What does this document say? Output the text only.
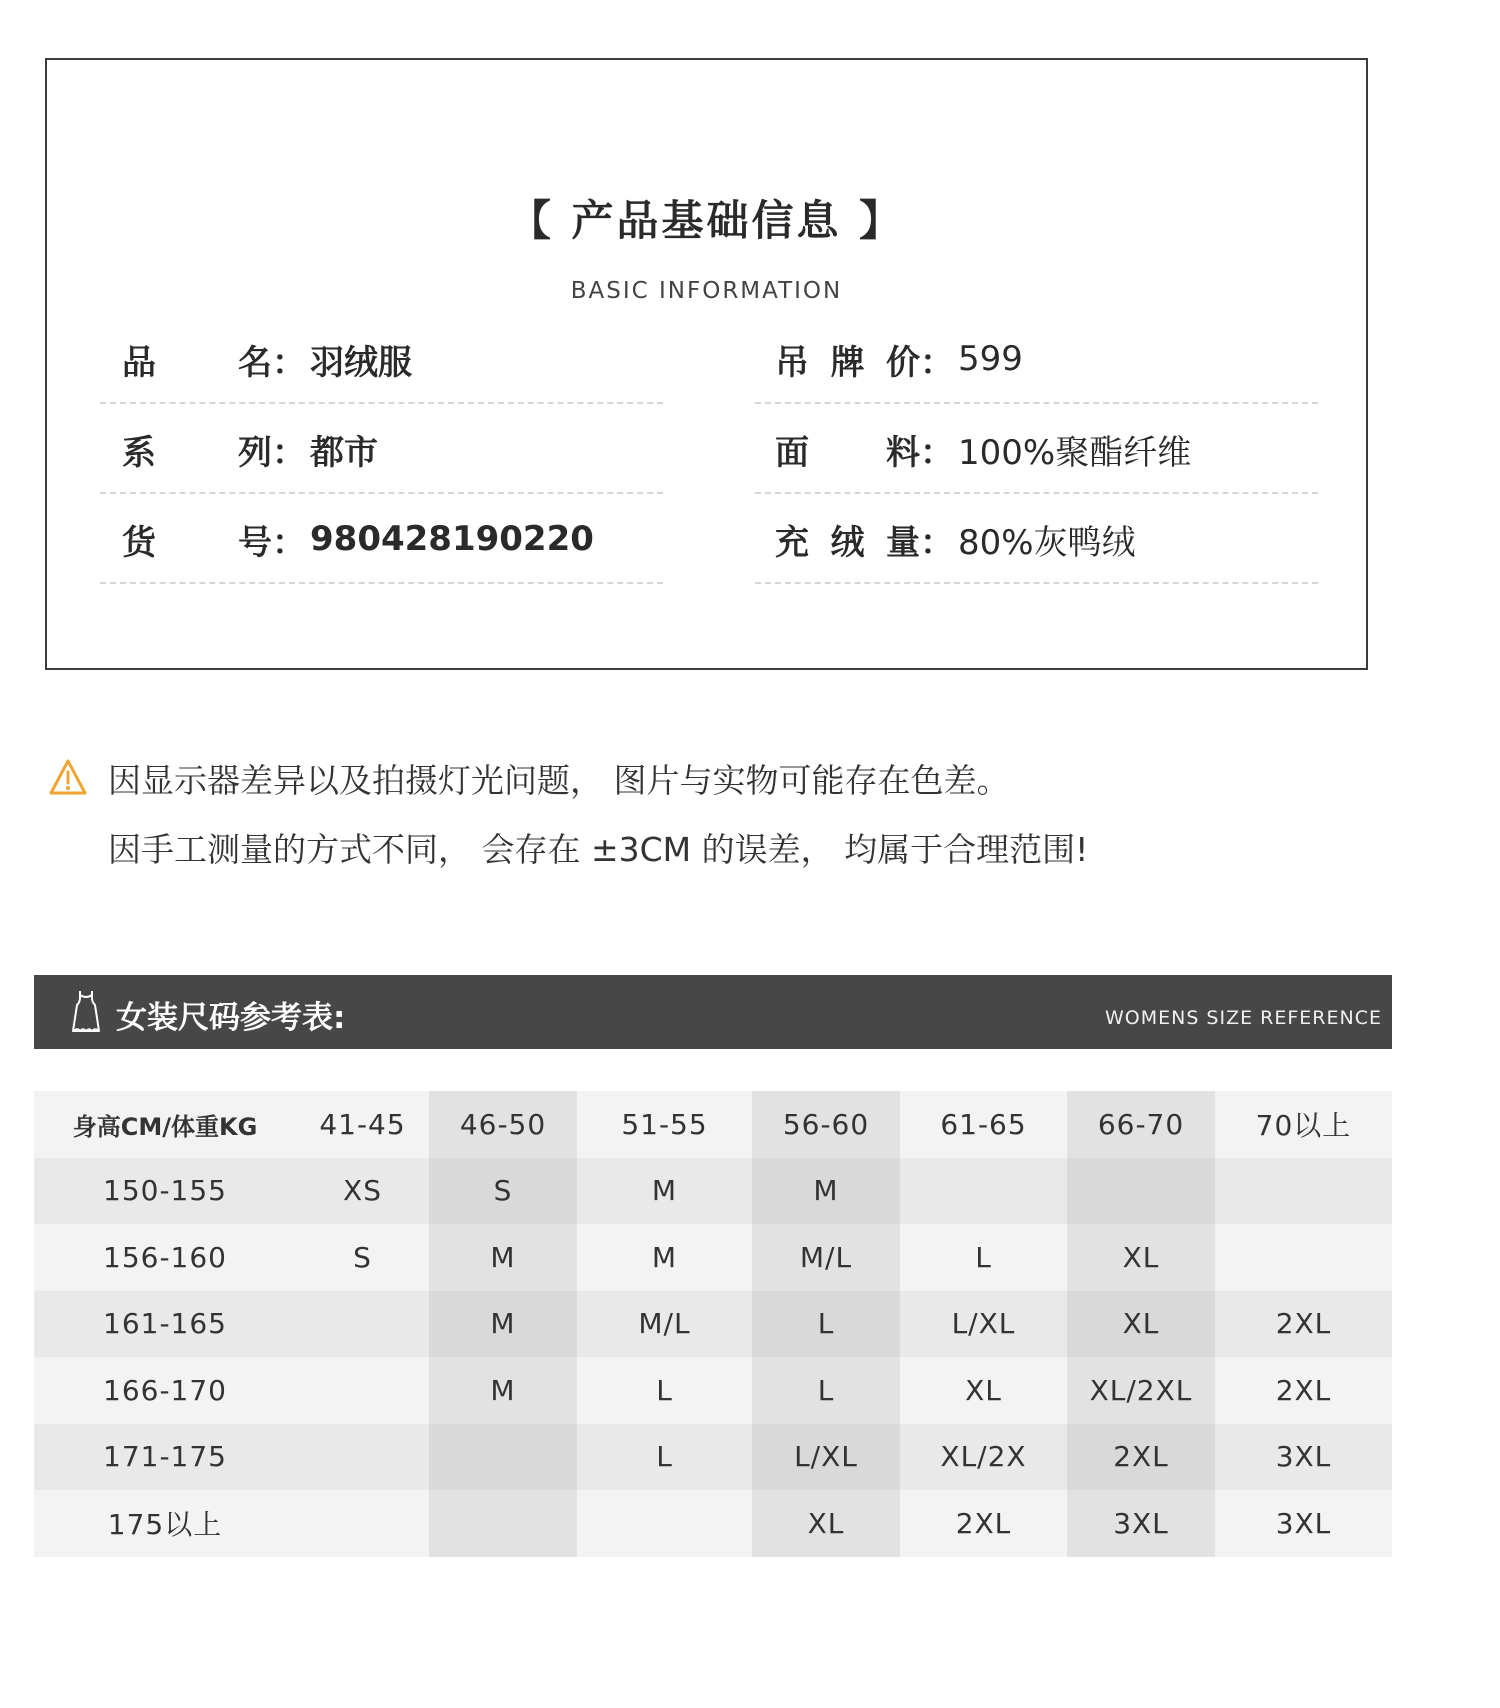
【 产品基础信息 】
BASIC INFORMATION
品 名 ： 羽绒服	吊 牌 价 ： 599
系 列 ： 都市	面 料 ： 100%聚酯纤维
货 号 ： 980428190220	充 绒 量 ： 80%灰鸭绒
因显示器差异以及拍摄灯光问题， 图片与实物可能存在色差。
因手工测量的方式不同， 会存在 ±3CM 的误差， 均属于合理范围!
女装尺码参考表:	WOMENS SIZE REFERENCE
身高CM/体重KG	41-45	46-50	51-55	56-60	61-65	66-70	70以上
150-155	XS	S	M	M			
156-160	S	M	M	M/L	L	XL	
161-165		M	M/L	L	L/XL	XL	2XL
166-170		M	L	L	XL	XL/2XL	2XL
171-175			L	L/XL	XL/2X	2XL	3XL
175以上				XL	2XL	3XL	3XL
